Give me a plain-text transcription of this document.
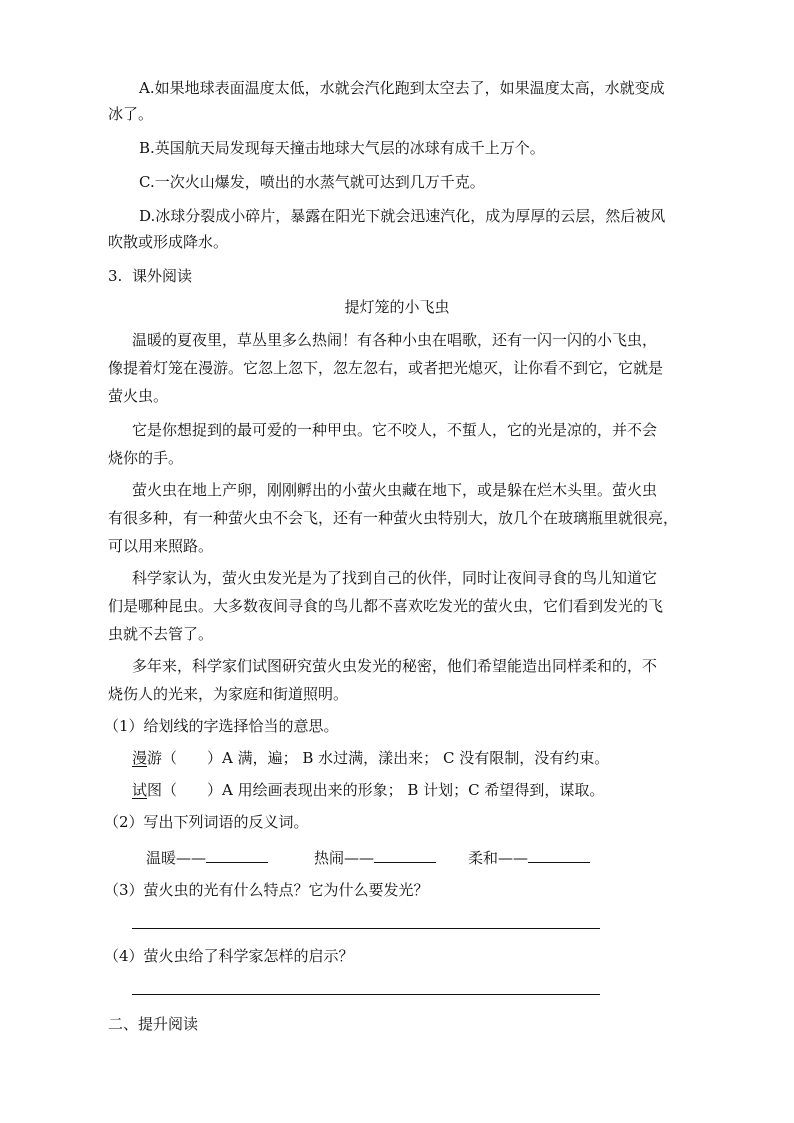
A.如果地球表面温度太低，水就会汽化跑到太空去了，如果温度太高，水就变成
冰了。
B.英国航天局发现每天撞击地球大气层的冰球有成千上万个。
C.一次火山爆发，喷出的水蒸气就可达到几万千克。
D.冰球分裂成小碎片，暴露在阳光下就会迅速汽化，成为厚厚的云层，然后被风
吹散或形成降水。
3. 课外阅读
提灯笼的小飞虫
温暖的夏夜里，草丛里多么热闹！有各种小虫在唱歌，还有一闪一闪的小飞虫，
像提着灯笼在漫游。它忽上忽下，忽左忽右，或者把光熄灭，让你看不到它，它就是
萤火虫。
它是你想捉到的最可爱的一种甲虫。它不咬人，不蜇人，它的光是凉的，并不会
烧你的手。
萤火虫在地上产卵，刚刚孵出的小萤火虫藏在地下，或是躲在烂木头里。萤火虫
有很多种，有一种萤火虫不会飞，还有一种萤火虫特别大，放几个在玻璃瓶里就很亮，
可以用来照路。
科学家认为，萤火虫发光是为了找到自己的伙伴，同时让夜间寻食的鸟儿知道它
们是哪种昆虫。大多数夜间寻食的鸟儿都不喜欢吃发光的萤火虫，它们看到发光的飞
虫就不去管了。
多年来，科学家们试图研究萤火虫发光的秘密，他们希望能造出同样柔和的，不
烧伤人的光来，为家庭和街道照明。
（1）给划线的字选择恰当的意思。
漫游（　　）A 满，遍； B 水过满，漾出来； C 没有限制，没有约束。
试图（　　）A 用绘画表现出来的形象； B 计划；C 希望得到，谋取。
（2）写出下列词语的反义词。
温暖——	热闹——	柔和——
（3）萤火虫的光有什么特点？它为什么要发光？
（4）萤火虫给了科学家怎样的启示？
二、提升阅读
